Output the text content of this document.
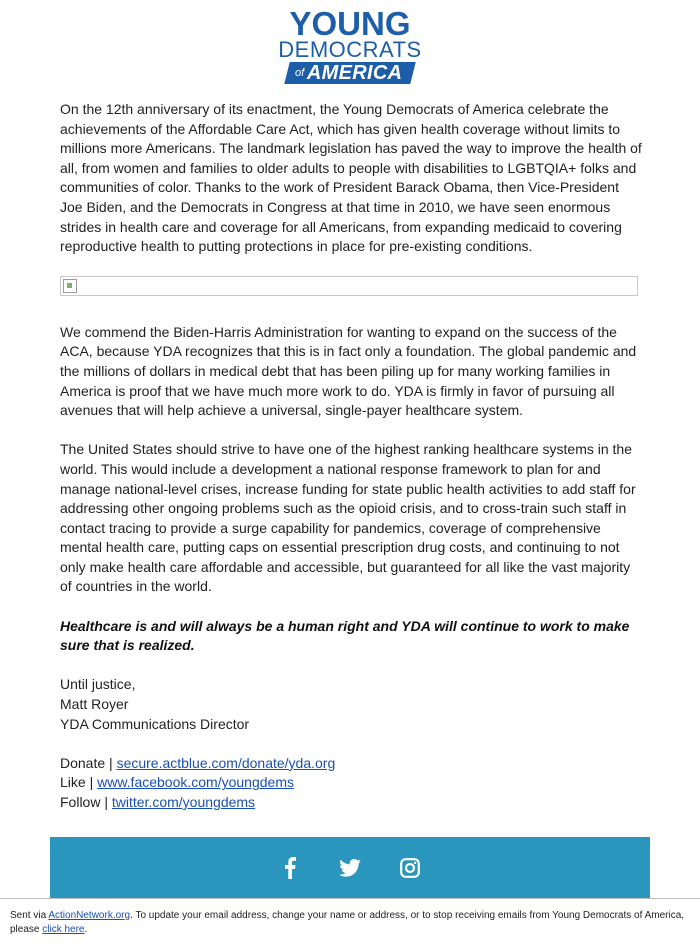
YOUNG
DEMOCRATS
of AMERICA

On the 12th anniversary of its enactment, the Young Democrats of America celebrate the achievements of the Affordable Care Act, which has given health coverage without limits to millions more Americans. The landmark legislation has paved the way to improve the health of all, from women and families to older adults to people with disabilities to LGBTQIA+ folks and communities of color. Thanks to the work of President Barack Obama, then Vice-President Joe Biden, and the Democrats in Congress at that time in 2010, we have seen enormous strides in health care and coverage for all Americans, from expanding medicaid to covering reproductive health to putting protections in place for pre-existing conditions.

We commend the Biden-Harris Administration for wanting to expand on the success of the ACA, because YDA recognizes that this is in fact only a foundation. The global pandemic and the millions of dollars in medical debt that has been piling up for many working families in America is proof that we have much more work to do. YDA is firmly in favor of pursuing all avenues that will help achieve a universal, single-payer healthcare system.

The United States should strive to have one of the highest ranking healthcare systems in the world. This would include a development a national response framework to plan for and manage national-level crises, increase funding for state public health activities to add staff for addressing other ongoing problems such as the opioid crisis, and to cross-train such staff in contact tracing to provide a surge capability for pandemics, coverage of comprehensive mental health care, putting caps on essential prescription drug costs, and continuing to not only make health care affordable and accessible, but guaranteed for all like the vast majority of countries in the world.

Healthcare is and will always be a human right and YDA will continue to work to make sure that is realized.

Until justice,

Matt Royer

YDA Communications Director

Donate | secure.actblue.com/donate/yda.org

Like | www.facebook.com/youngdems

Follow | twitter.com/youngdems

Sent via ActionNetwork.org. To update your email address, change your name or address, or to stop receiving emails from Young Democrats of America, please click here.
